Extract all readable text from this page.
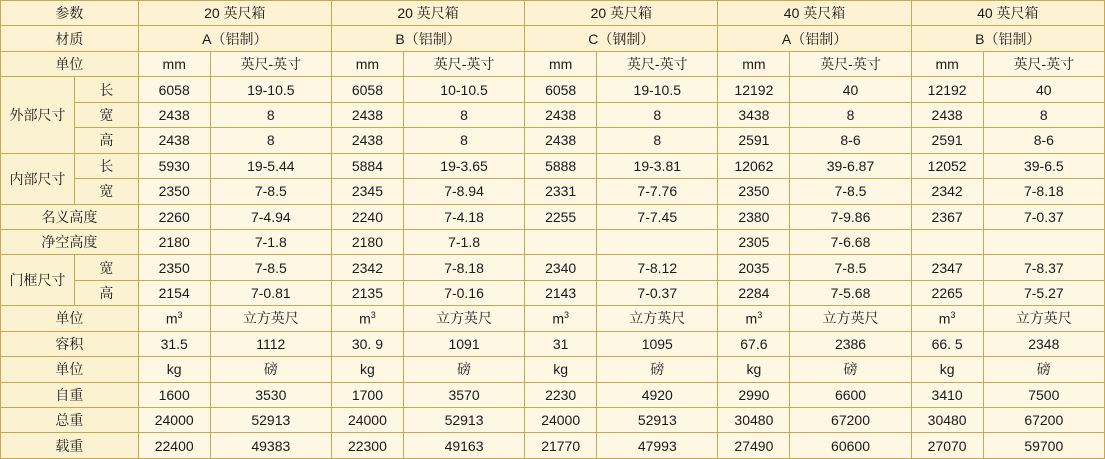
参数		20 英尺箱		20 英尺箱		20 英尺箱		40 英尺箱		40 英尺箱	
材质		A（铝制）		B（铝制）		C（钢制）		A（铝制）		B（铝制）	
单位		mm	英尺-英寸	mm	英尺-英寸	mm	英尺-英寸	mm	英尺-英寸	mm	英尺-英寸
外部尺寸	长	6058	19-10.5	6058	10-10.5	6058	19-10.5	12192	40	12192	40
	宽	2438	8	2438	8	2438	8	3438	8	2438	8
	高	2438	8	2438	8	2438	8	2591	8-6	2591	8-6
内部尺寸	长	5930	19-5.44	5884	19-3.65	5888	19-3.81	12062	39-6.87	12052	39-6.5
	宽	2350	7-8.5	2345	7-8.94	2331	7-7.76	2350	7-8.5	2342	7-8.18
名义高度		2260	7-4.94	2240	7-4.18	2255	7-7.45	2380	7-9.86	2367	7-0.37
净空高度		2180	7-1.8	2180	7-1.8			2305	7-6.68		
门框尺寸	宽	2350	7-8.5	2342	7-8.18	2340	7-8.12	2035	7-8.5	2347	7-8.37
	高	2154	7-0.81	2135	7-0.16	2143	7-0.37	2284	7-5.68	2265	7-5.27
单位		$m^3$	立方英尺	$m^3$	立方英尺	$m^3$	立方英尺	$m^3$	立方英尺	$m^3$	立方英尺
容积		31.5	1112	30. 9	1091	31	1095	67.6	2386	66. 5	2348
单位		kg	磅	kg	磅	kg	磅	kg	磅	kg	磅
自重		1600	3530	1700	3570	2230	4920	2990	6600	3410	7500
总重		24000	52913	24000	52913	24000	52913	30480	67200	30480	67200
载重		22400	49383	22300	49163	21770	47993	27490	60600	27070	59700
